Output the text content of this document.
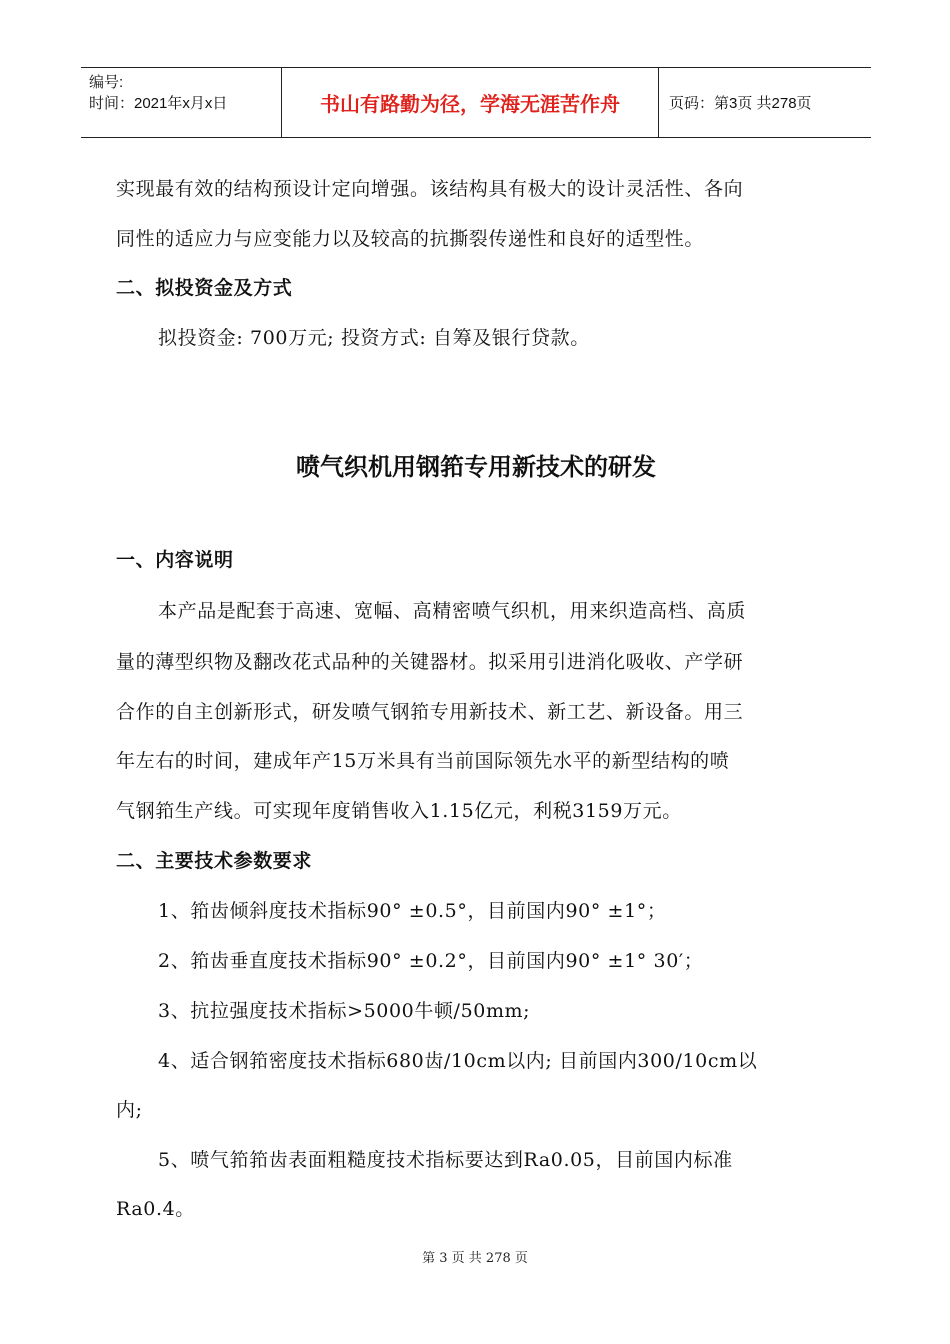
编号:
时间：2021年x月x日	书山有路勤为径，学海无涯苦作舟	页码：第3页 共278页
实现最有效的结构预设计定向增强。该结构具有极大的设计灵活性、各向
同性的适应力与应变能力以及较高的抗撕裂传递性和良好的适型性。
二、拟投资金及方式
拟投资金: 700万元; 投资方式: 自筹及银行贷款。
喷气织机用钢筘专用新技术的研发
一、内容说明
本产品是配套于高速、宽幅、高精密喷气织机，用来织造高档、高质
量的薄型织物及翻改花式品种的关键器材。拟采用引进消化吸收、产学研
合作的自主创新形式，研发喷气钢筘专用新技术、新工艺、新设备。用三
年左右的时间，建成年产15万米具有当前国际领先水平的新型结构的喷
气钢筘生产线。可实现年度销售收入1.15亿元，利税3159万元。
二、主要技术参数要求
1、筘齿倾斜度技术指标90° ±0.5°，目前国内90° ±1°；
2、筘齿垂直度技术指标90° ±0.2°，目前国内90° ±1° 30′；
3、抗拉强度技术指标>5000牛顿/50mm;
4、适合钢筘密度技术指标680齿/10cm以内; 目前国内300/10cm以
内;
5、喷气筘筘齿表面粗糙度技术指标要达到Ra0.05，目前国内标准
Ra0.4。
第 3 页 共 278 页
